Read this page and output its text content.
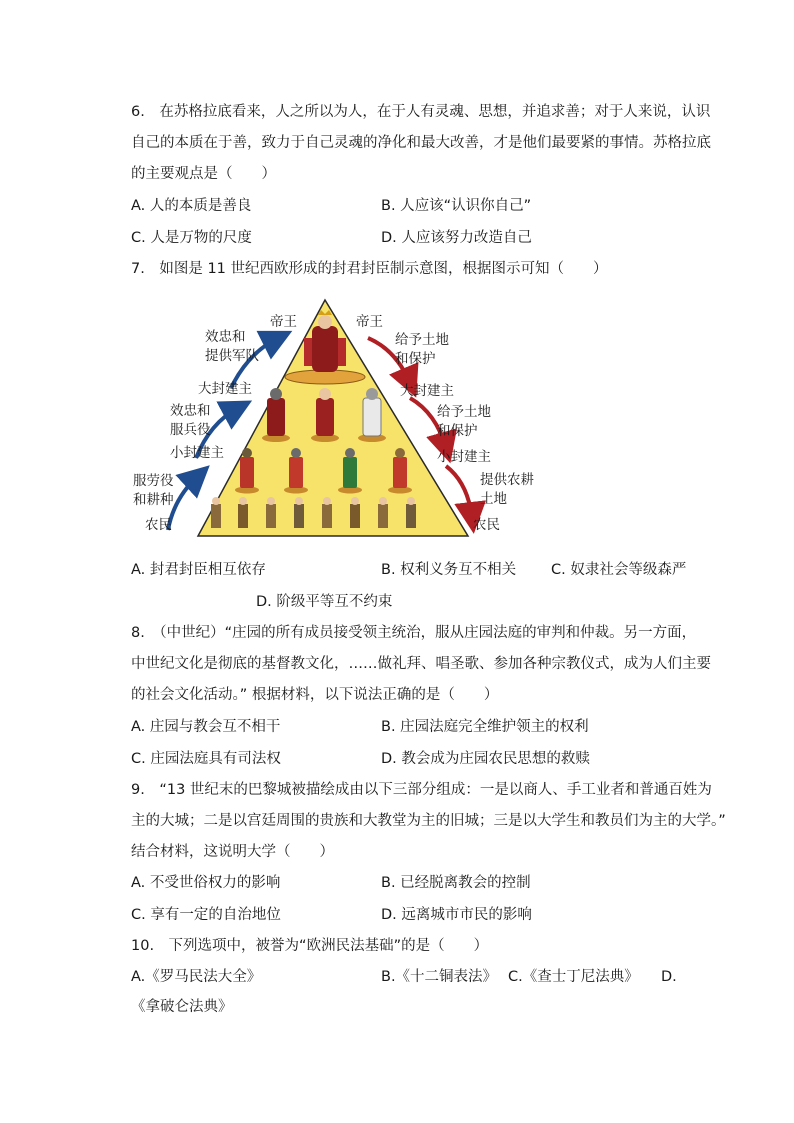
6.　在苏格拉底看来，人之所以为人，在于人有灵魂、思想，并追求善；对于人来说，认识
自己的本质在于善，致力于自己灵魂的净化和最大改善，才是他们最要紧的事情。苏格拉底
的主要观点是（　　）
A. 人的本质是善良	B. 人应该“认识你自己”
C. 人是万物的尺度	D. 人应该努力改造自己
7.　如图是 11 世纪西欧形成的封君封臣制示意图，根据图示可知（　　）
帝王
效忠和
提供军队
大封建主
效忠和
服兵役
小封建主
服劳役
和耕种
农民
帝王
给予土地
和保护
大封建主
给予土地
和保护
小封建主
提供农耕
土地
农民
A. 封君封臣相互依存	B. 权利义务互不相关 C. 奴隶社会等级森严
D. 阶级平等互不约束
8.　（中世纪）“庄园的所有成员接受领主统治，服从庄园法庭的审判和仲裁。另一方面，
中世纪文化是彻底的基督教文化，……做礼拜、唱圣歌、参加各种宗教仪式，成为人们主要
的社会文化活动。” 根据材料，以下说法正确的是（　　）
A. 庄园与教会互不相干	B. 庄园法庭完全维护领主的权利
C. 庄园法庭具有司法权	D. 教会成为庄园农民思想的救赎
9.　“13 世纪末的巴黎城被描绘成由以下三部分组成：一是以商人、手工业者和普通百姓为
主的大城；二是以宫廷周围的贵族和大教堂为主的旧城；三是以大学生和教员们为主的大学。”
结合材料，这说明大学（　　）
A. 不受世俗权力的影响	B. 已经脱离教会的控制
C. 享有一定的自治地位	D. 远离城市市民的影响
10.　下列选项中，被誉为“欧洲民法基础”的是（　　）
A.《罗马民法大全》	B.《十二铜表法》 C.《查士丁尼法典》 D.
《拿破仑法典》
